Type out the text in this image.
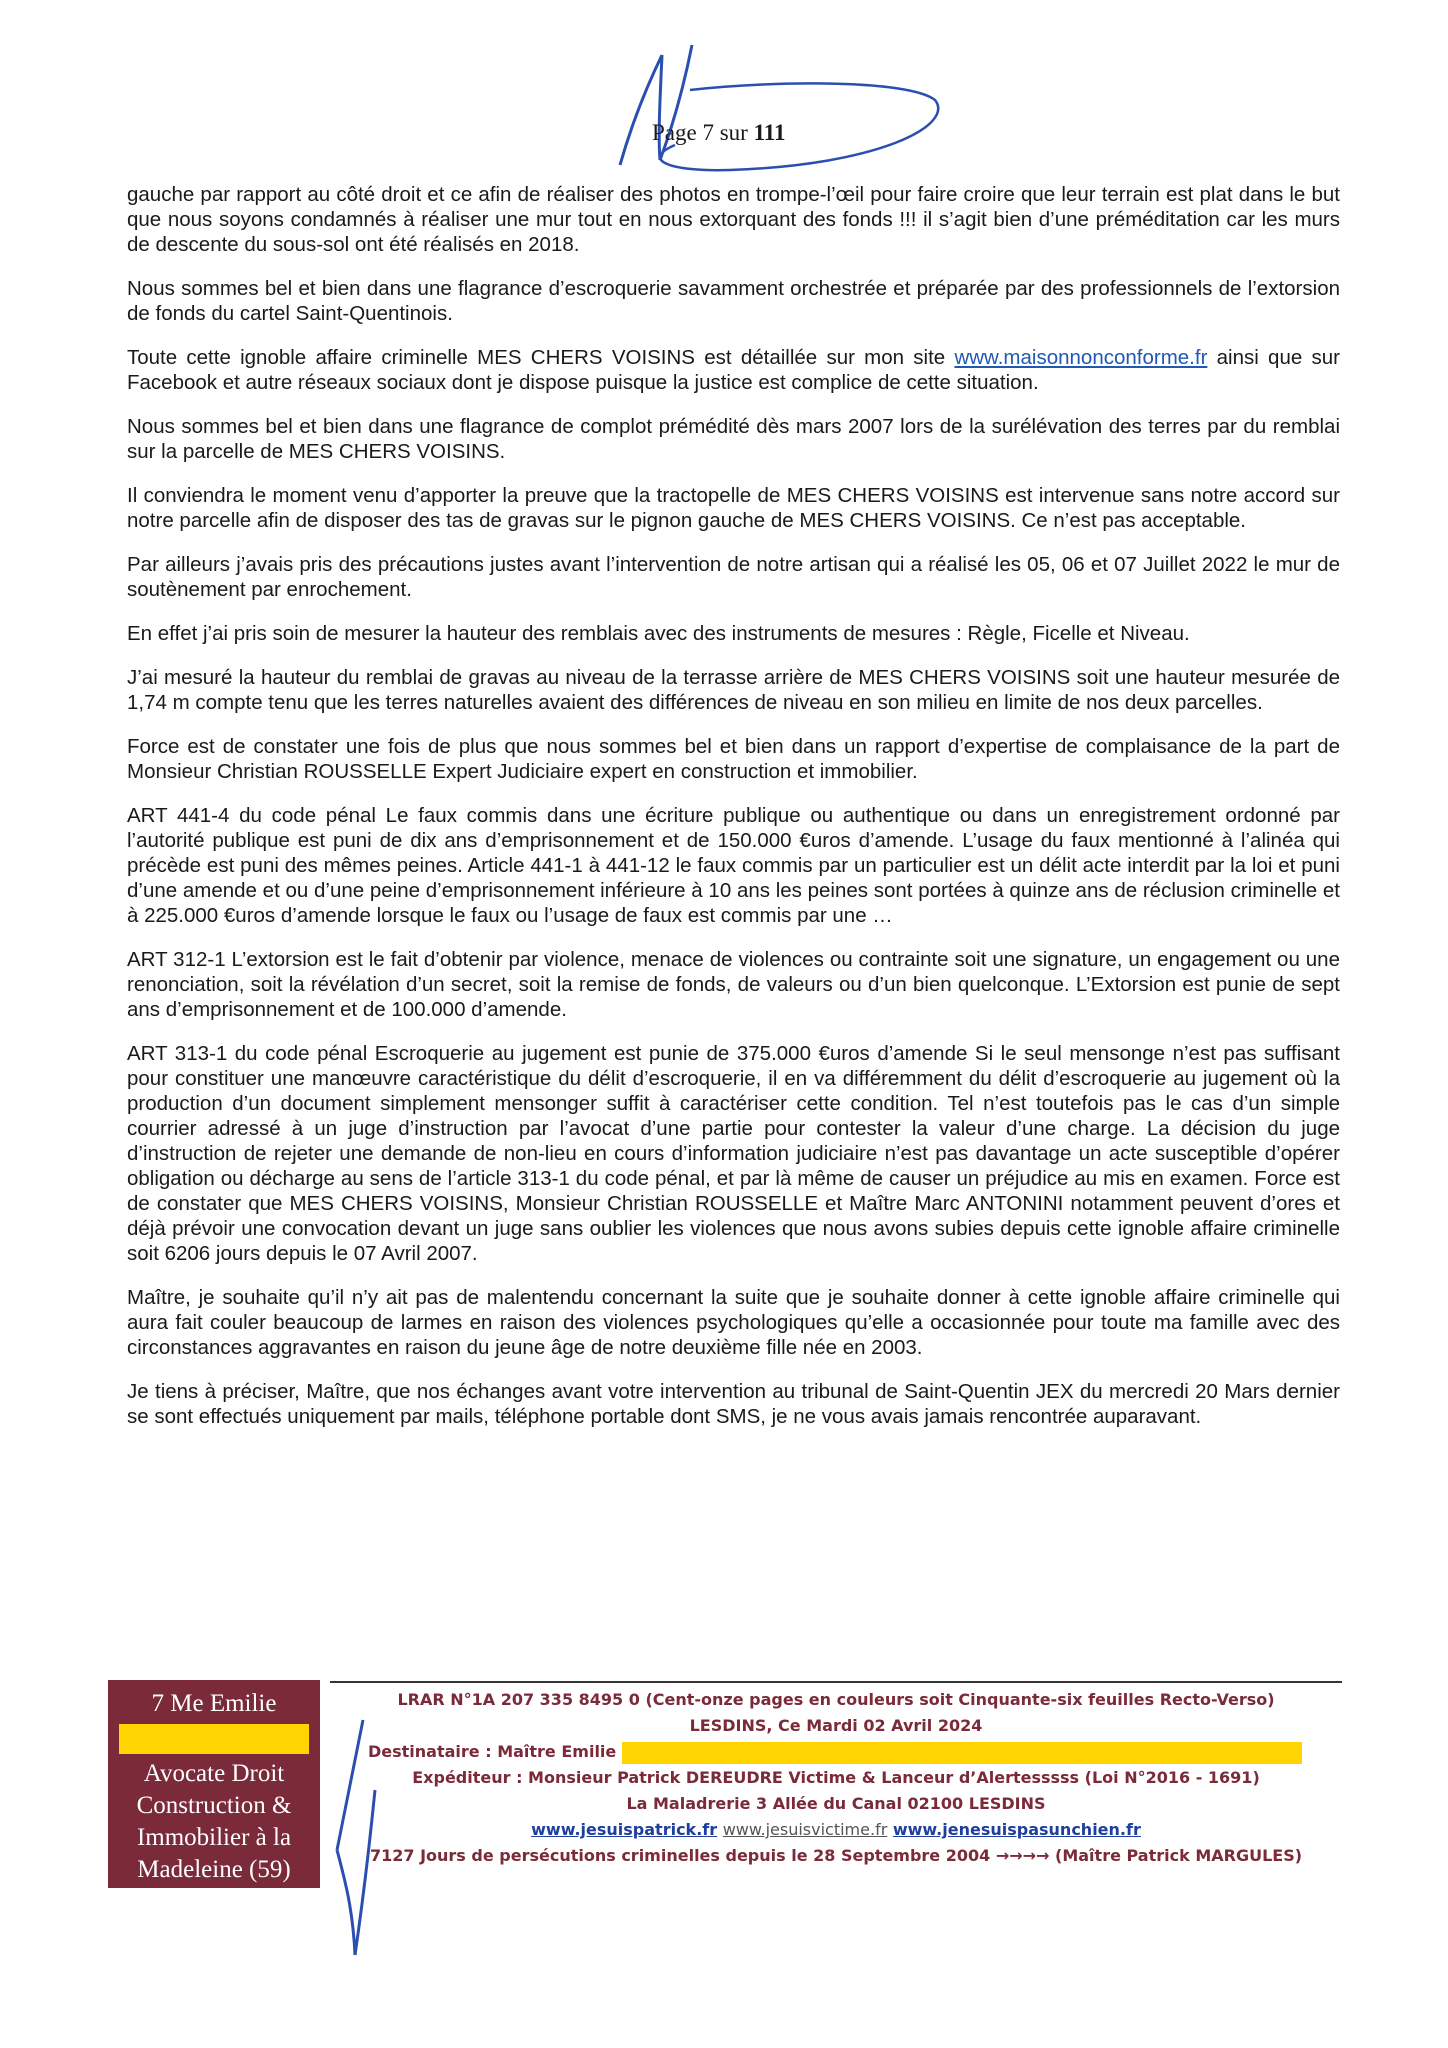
Page 7 sur 111

gauche par rapport au côté droit et ce afin de réaliser des photos en trompe-l’œil pour faire croire que leur terrain est plat dans le but que nous soyons condamnés à réaliser une mur tout en nous extorquant des fonds !!! il s’agit bien d’une préméditation car les murs de descente du sous-sol ont été réalisés en 2018.

Nous sommes bel et bien dans une flagrance d’escroquerie savamment orchestrée et préparée par des professionnels de l’extorsion de fonds du cartel Saint-Quentinois.

Toute cette ignoble affaire criminelle MES CHERS VOISINS est détaillée sur mon site www.maisonnonconforme.fr ainsi que sur Facebook et autre réseaux sociaux dont je dispose puisque la justice est complice de cette situation.

Nous sommes bel et bien dans une flagrance de complot prémédité dès mars 2007 lors de la surélévation des terres par du remblai sur la parcelle de MES CHERS VOISINS.

Il conviendra le moment venu d’apporter la preuve que la tractopelle de MES CHERS VOISINS est intervenue sans notre accord sur notre parcelle afin de disposer des tas de gravas sur le pignon gauche de MES CHERS VOISINS. Ce n’est pas acceptable.

Par ailleurs j’avais pris des précautions justes avant l’intervention de notre artisan qui a réalisé les 05, 06 et 07 Juillet 2022 le mur de soutènement par enrochement.

En effet j’ai pris soin de mesurer la hauteur des remblais avec des instruments de mesures : Règle, Ficelle et Niveau.

J’ai mesuré la hauteur du remblai de gravas au niveau de la terrasse arrière de MES CHERS VOISINS soit une hauteur mesurée de 1,74 m compte tenu que les terres naturelles avaient des différences de niveau en son milieu en limite de nos deux parcelles.

Force est de constater une fois de plus que nous sommes bel et bien dans un rapport d’expertise de complaisance de la part de Monsieur Christian ROUSSELLE Expert Judiciaire expert en construction et immobilier.

ART 441-4 du code pénal Le faux commis dans une écriture publique ou authentique ou dans un enregistrement ordonné par l’autorité publique est puni de dix ans d’emprisonnement et de 150.000 €uros d’amende. L’usage du faux mentionné à l’alinéa qui précède est puni des mêmes peines. Article 441-1 à 441-12 le faux commis par un particulier est un délit acte interdit par la loi et puni d’une amende et ou d’une peine d’emprisonnement inférieure à 10 ans les peines sont portées à quinze ans de réclusion criminelle et à 225.000 €uros d’amende lorsque le faux ou l’usage de faux est commis par une …

ART 312-1 L’extorsion est le fait d’obtenir par violence, menace de violences ou contrainte soit une signature, un engagement ou une renonciation, soit la révélation d’un secret, soit la remise de fonds, de valeurs ou d’un bien quelconque. L’Extorsion est punie de sept ans d’emprisonnement et de 100.000 d’amende.

ART 313-1 du code pénal Escroquerie au jugement est punie de 375.000 €uros d’amende Si le seul mensonge n’est pas suffisant pour constituer une manœuvre caractéristique du délit d’escroquerie, il en va différemment du délit d’escroquerie au jugement où la production d’un document simplement mensonger suffit à caractériser cette condition. Tel n’est toutefois pas le cas d’un simple courrier adressé à un juge d’instruction par l’avocat d’une partie pour contester la valeur d’une charge. La décision du juge d’instruction de rejeter une demande de non-lieu en cours d’information judiciaire n’est pas davantage un acte susceptible d’opérer obligation ou décharge au sens de l’article 313-1 du code pénal, et par là même de causer un préjudice au mis en examen. Force est de constater que MES CHERS VOISINS, Monsieur Christian ROUSSELLE et Maître Marc ANTONINI notamment peuvent d’ores et déjà prévoir une convocation devant un juge sans oublier les violences que nous avons subies depuis cette ignoble affaire criminelle soit 6206 jours depuis le 07 Avril 2007.

Maître, je souhaite qu’il n’y ait pas de malentendu concernant la suite que je souhaite donner à cette ignoble affaire criminelle qui aura fait couler beaucoup de larmes en raison des violences psychologiques qu’elle a occasionnée pour toute ma famille avec des circonstances aggravantes en raison du jeune âge de notre deuxième fille née en 2003.

Je tiens à préciser, Maître, que nos échanges avant votre intervention au tribunal de Saint-Quentin JEX du mercredi 20 Mars dernier se sont effectués uniquement par mails, téléphone portable dont SMS, je ne vous avais jamais rencontrée auparavant.

7 Me Emilie
Avocate Droit
Construction &
Immobilier à la
Madeleine (59)
LRAR N°1A 207 335 8495 0 (Cent-onze pages en couleurs soit Cinquante-six feuilles Recto-Verso)
LESDINS, Ce Mardi 02 Avril 2024
Destinataire : Maître Emilie
Expéditeur : Monsieur Patrick DEREUDRE Victime & Lanceur d’Alertesssss (Loi N°2016 - 1691)
La Maladrerie 3 Allée du Canal 02100 LESDINS
www.jesuispatrick.fr www.jesuisvictime.fr www.jenesuispasunchien.fr
7127 Jours de persécutions criminelles depuis le 28 Septembre 2004 →→→→ (Maître Patrick MARGULES)
